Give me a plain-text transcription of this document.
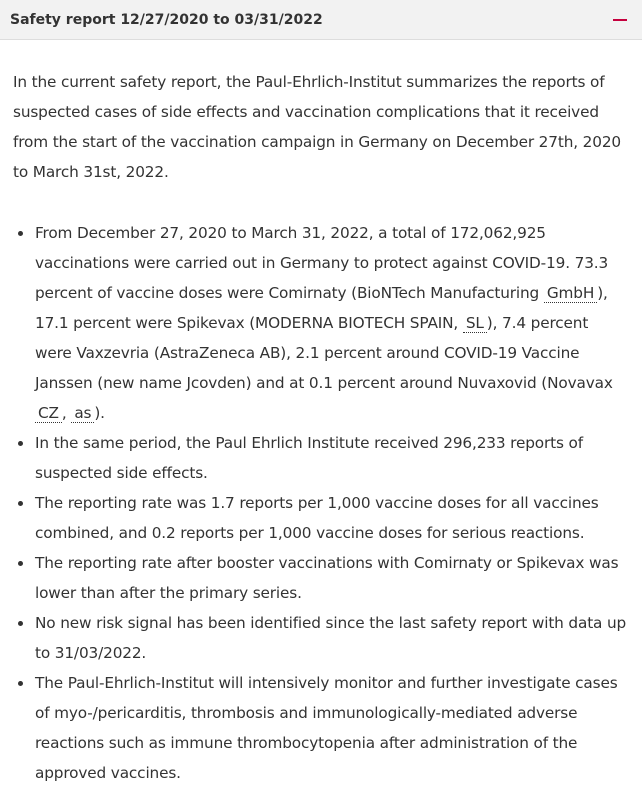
Safety report 12/27/2020 to 03/31/2022

In the current safety report, the Paul-Ehrlich-Institut summarizes the reports of suspected cases of side effects and vaccination complications that it received from the start of the vaccination campaign in Germany on December 27th, 2020 to March 31st, 2022.

From December 27, 2020 to March 31, 2022, a total of 172,062,925 vaccinations were carried out in Germany to protect against COVID-19. 73.3 percent of vaccine doses were Comirnaty (BioNTech Manufacturing GmbH ), 17.1 percent were Spikevax (MODERNA BIOTECH SPAIN, SL ), 7.4 percent were Vaxzevria (AstraZeneca AB), 2.1 percent around COVID-19 Vaccine Janssen (new name Jcovden) and at 0.1 percent around Nuvaxovid (Novavax CZ , as ).
In the same period, the Paul Ehrlich Institute received 296,233 reports of suspected side effects.
The reporting rate was 1.7 reports per 1,000 vaccine doses for all vaccines combined, and 0.2 reports per 1,000 vaccine doses for serious reactions.
The reporting rate after booster vaccinations with Comirnaty or Spikevax was lower than after the primary series.
No new risk signal has been identified since the last safety report with data up to 31/03/2022.
The Paul-Ehrlich-Institut will intensively monitor and further investigate cases of myo-/pericarditis, thrombosis and immunologically-mediated adverse reactions such as immune thrombocytopenia after administration of the approved vaccines.
